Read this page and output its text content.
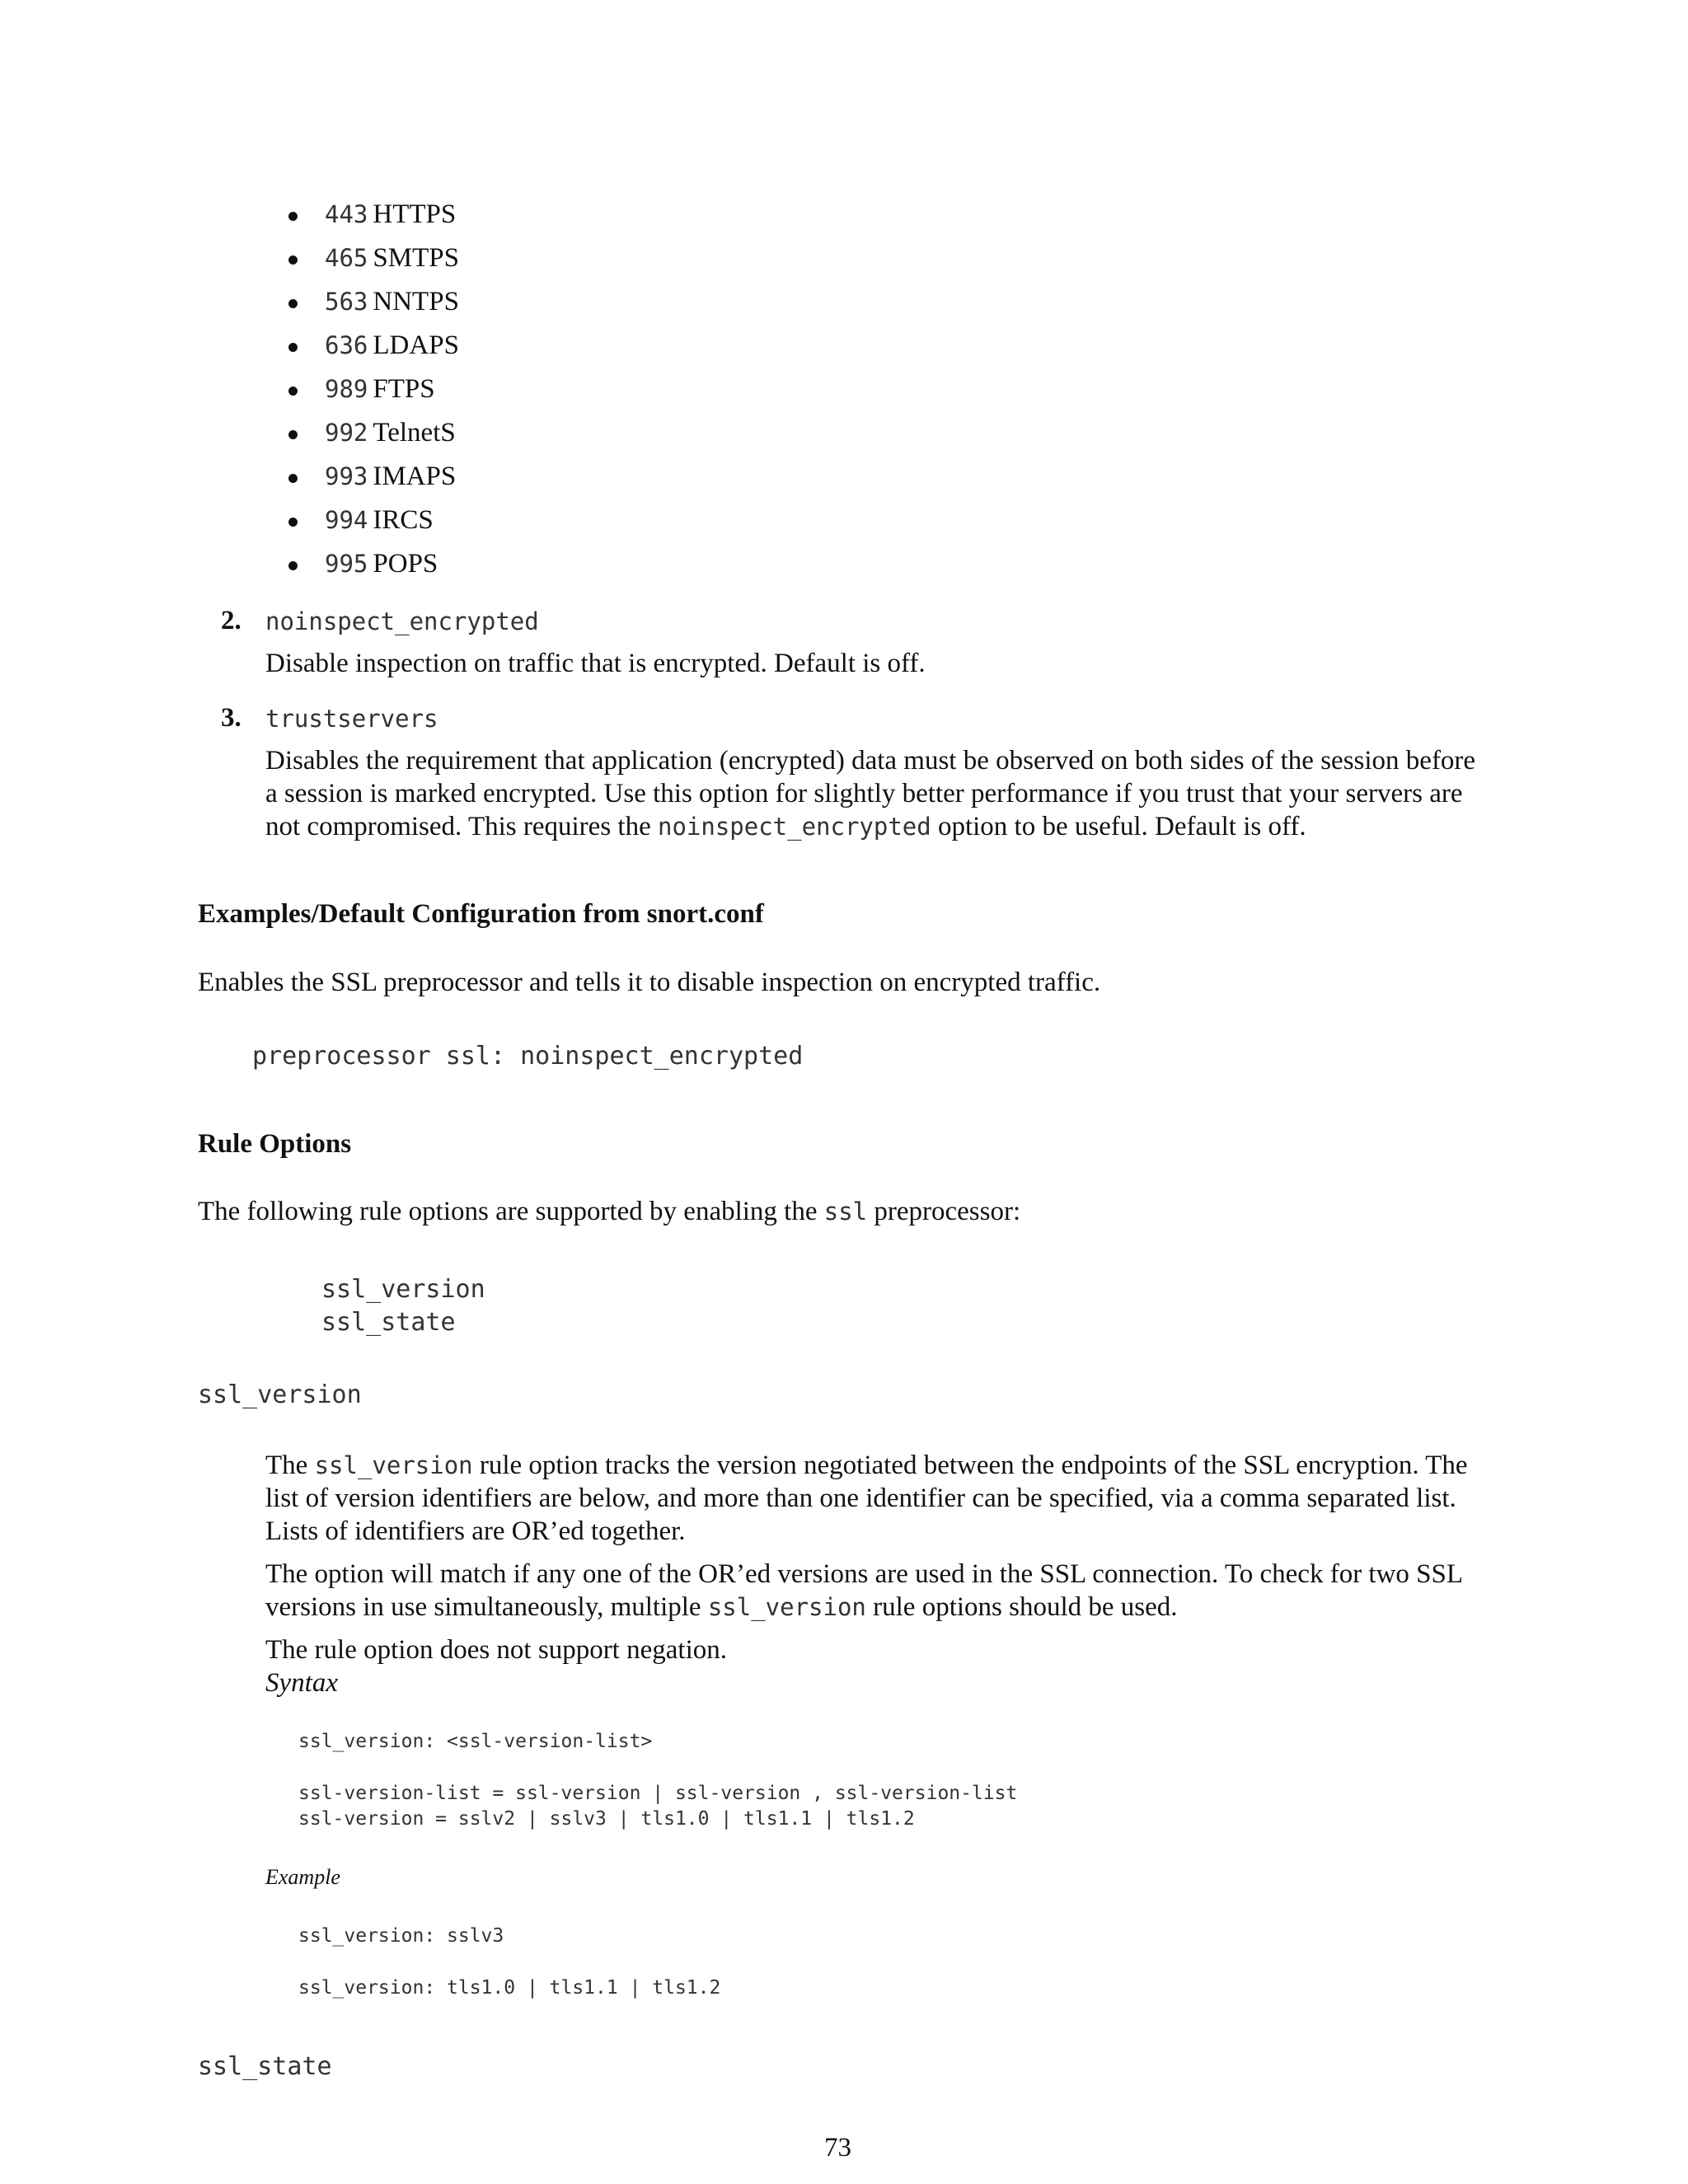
443 HTTPS
465 SMTPS
563 NNTPS
636 LDAPS
989 FTPS
992 TelnetS
993 IMAPS
994 IRCS
995 POPS
2. noinspect_encrypted
Disable inspection on traffic that is encrypted. Default is off.
3. trustservers
Disables the requirement that application (encrypted) data must be observed on both sides of the session before
a session is marked encrypted. Use this option for slightly better performance if you trust that your servers are
not compromised. This requires the noinspect_encrypted option to be useful. Default is off.
Examples/Default Configuration from snort.conf
Enables the SSL preprocessor and tells it to disable inspection on encrypted traffic.
preprocessor ssl: noinspect_encrypted
Rule Options
The following rule options are supported by enabling the ssl preprocessor:
ssl_version
ssl_state
ssl_version
The ssl_version rule option tracks the version negotiated between the endpoints of the SSL encryption. The
list of version identifiers are below, and more than one identifier can be specified, via a comma separated list.
Lists of identifiers are OR’ed together.
The option will match if any one of the OR’ed versions are used in the SSL connection. To check for two SSL
versions in use simultaneously, multiple ssl_version rule options should be used.
The rule option does not support negation.
Syntax
ssl_version: <ssl-version-list>
ssl-version-list = ssl-version | ssl-version , ssl-version-list
ssl-version = sslv2 | sslv3 | tls1.0 | tls1.1 | tls1.2
Example
ssl_version: sslv3
ssl_version: tls1.0 | tls1.1 | tls1.2
ssl_state
73
